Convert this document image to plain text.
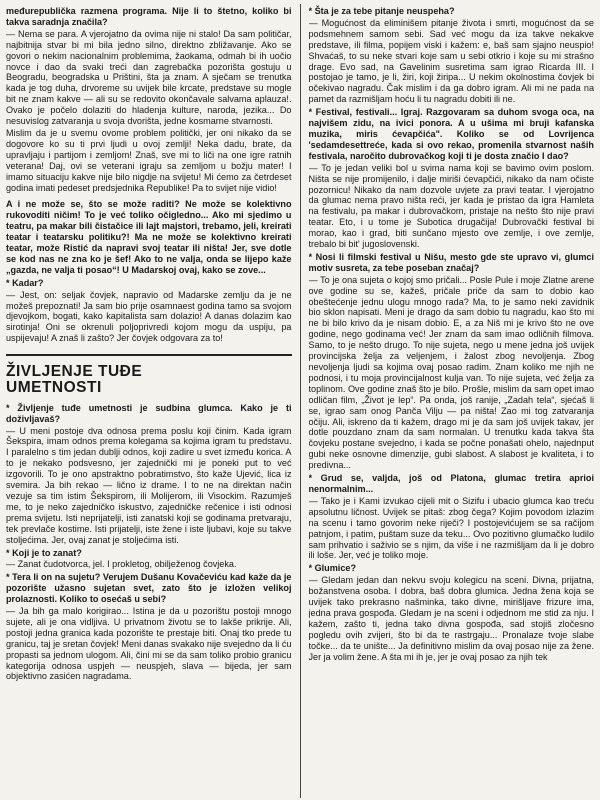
međurepublička razmena programa. Nije li to štetno, koliko bi takva saradnja značila?

— Nema se para. A vjerojatno da ovima nije ni stalo! Da sam političar, najbitnija stvar bi mi bila jedno silno, direktno zbližavanje. Ako se govori o nekim nacionalnim problemima, žaokama, odmah bi ih uočio novce i dao da svaki treći dan zagrebačka pozorišta gostuju u Beogradu, beogradska u Prištini, šta ja znam. A sječam se trenutka kada je tog duha, drvoreme su uvijek bile krcate, predstave su mogle bit ne znam kakve — ali su se redovito okončavale salvama aplauza!. Ovako je počelo dolaziti do hladenja kulture, naroda, jezika... Do nesuvislog zatvaranja u svoja dvorišta, jedne kosmarne stvarnosti.

Mislim da je u svemu ovome problem politički, jer oni nikako da se dogovore ko su ti prvi ljudi u ovoj zemlji! Neka dadu, brate, da upravljaju i partijom i zemljom! Znaš, sve mi to liči na one igre ratnih veterana! Daj, ovi se veterani igraju sa zemljom u božju mater! I imamo situaciju kakve nije bilo nigdje na svijetu! Mi ćemo za četrdeset godina imati pedeset predsjednika Republike! Pa to svijet nije vidio!

A i ne može se, što se može raditi? Ne može se kolektivno rukovoditi ničim! To je već toliko očigledno... Ako mi sjedimo u teatru, pa makar bili čistačice ili lajt majstori, trebamo, jeli, kreirati teatar i teatarsku politiku?! Ma ne može se kolektivno kreirati teatar, može Ristić da napravi svoj teatar ili ništa! Jer, sve dotle se kod nas ne zna ko je šef! Ako to ne valja, onda se lijepo kaže „gazda, ne valja ti posao“! U Madarskoj ovaj, kako se zove...

* Kadar?

— Jest, on: seljak čovjek, napravio od Madarske zemlju da je ne možeš prepoznati! Ja sam bio prije osamnaest godina tamo sa svojom djevojkom, bogati, kako kapitalista sam dolazio! A danas dolazim kao sirotinja! Oni se okrenuli poljoprivredi kojom mogu da uspiju, pa uspijevaju! A znaš li zašto? Jer čovjek odgovara za to!

ŽIVLJENJE TUĐE
UMETNOSTI

* Življenje tuđe umetnosti je sudbina glumca. Kako je ti doživljavaš?

— U meni postoje dva odnosa prema poslu koji činim. Kada igram Šekspira, imam odnos prema kolegama sa kojima igram tu predstavu. I paralelno s tim jedan dublji odnos, koji zadire u svet između korica. A to je nekako podsvesno, jer zajednički mi je poneki put to već izgovorili. To je ono apstraktno pobratimstvo, što kaže Ujević, lica iz svemira. Ja bih rekao — lično iz drame. I to ne na direktan način vezuje sa tim istim Šekspirom, ili Molijerom, ili Visockim. Razumješ me, to je neko zajedničko iskustvo, zajedničke rečenice i isti odnosi prema svijetu. Isti neprijatelji, isti zanatski koji se godinama pretvaraju, tek prevlače kostime. Isti prijatelji, iste žene i iste ljubavi, koje su takve stoljećima. Jer, ovaj zanat je stoljećima isti.

* Koji je to zanat?

— Zanat čudotvorca, jel. I prokletog, obilježenog čovjeka.

* Tera li on na sujetu? Verujem Dušanu Kovačeviću kad kaže da je pozorište užasno sujetan svet, zato što je izložen velikoj prolaznosti. Koliko to osećaš u sebi?

— Ja bih ga malo korigirao... Istina je da u pozorištu postoji mnogo sujete, ali je ona vidljiva. U privatnom životu se to lakše prikrije. Ali, postoji jedna granica kada pozorište te prestaje biti. Onaj tko prede tu granicu, taj je sretan čovjek! Meni danas svakako nije svejedno da li ću propasti sa jednom ulogom. Ali, čini mi se da sam toliko probio granicu kategorija odnosa uspjeh — neuspjeh, slava — bijeda, jer sam objektivno zasićen nagradama.

* Šta je za tebe pitanje neuspeha?

— Mogućnost da eliminišem pitanje života i smrti, mogućnost da se podsmehnem samom sebi. Sad već mogu da iza takve nekakve predstave, ili filma, popijem viski i kažem: e, baš sam sjajno neuspio! Shvaćaš, to su neke stvari koje sam u sebi otkrio i koje su mi strašno drage. Evo sad, na Gavelinim susretima sam igrao Ricarda III. I postojao je tamo, je li, žiri, koji žiriра... U nekim okolnostima čovjek bi očekivao nagradu. Čak mislim i da ga dobro igram. Ali mi ne pada na pamet da razmišljam hoću li tu nagradu dobiti ili ne.

* Festival, festivali... Igraj. Razgovaram sa duhom svoga oca, na najvišem zidu, na ivici ponora. A u ušima mi bruji kafanska muzika, miris ćevapčića". Koliko se od Lovrijenca 'sedamdesettreće, kada si ovo rekao, promenila stvarnost naših festivala, naročito dubrovačkog koji ti je dosta značio I dao?

— To je jedan veliki bol u svima nama koji se bavimo ovim poslom. Ništa se nije promijenilo, i dalje miriši ćevapčići, nikako da nam očiste pozornicu! Nikako da nam dozvole uvjete za pravi teatar. I vjerojatno da glumac nema pravo ništa reći, jer kada je pristao da igra Hamleta na festivalu, pa makar i dubrovačkom, pristaje na nešto što nije pravi teatar. Eto, i u tome je Subotica drugačija! Dubrovački festival bi morao, kao i grad, biti sunčano mjesto ove zemlje, i ove zemlje, trebalo bi bit' jugoslovenski.

* Nosi li filmski festival u Nišu, mesto gde ste upravo vi, glumci motiv susreta, za tebe poseban značaj?

— To je ona sujeta o kojoj smo pričali... Posle Pule i moje Zlatne arene ove godine su se, kažeš, pričale priče da sam to dobio kao obeštećenje jednu ulogu mnogo rada? Ma, to je samo neki zavidnik bio sklon napisati. Meni je drago da sam dobio tu nagradu, kao što mi ne bi bilo krivo da je nisam dobio. E, a za Niš mi je krivo što ne ove godine, nego godinama već! Jer znam da sam imao odličnih filmova. Samo, to je nešto drugo. To nije sujeta, nego u mene jedna još uvijek provincijska želja za veljenjem, i žalost zbog nevoljenja. Zbog nevoljenja ljudi sa kojima ovaj posao radim. Znam koliko me njih ne podnosi, i tu moja provincijalnost kulja van. To nije sujeta, već želja za toplinom. Ove godine znaš što je bilo. Prošle, mislim da sam opet imao odličan film, „Život je lep“. Pa onda, još ranije, „Zadah tela“, sjećaš li se, igrao sam onog Panča Vilju — pa ništa! Zao mi tog zatvaranja očiju. Ali, iskreno da ti kažem, drago mi je da sam još uvijek takav, jer dotle pouzdano znam da sam normalan. U trenutku kada takva šta čovjeku postane svejedno, i kada se počne ponašati ohelo, najednput gubi neke osnovne dimenzije, gubi slabost. A slabost je kvaliteta, i to predivna...

* Grud se, valjda, još od Platona, glumac tretira aprioi nenormalnim...

— Tako je i Kami izvukao cijeli mit o Sizifu i ubacio glumca kao treću apsolutnu ličnost. Uvijek se pitaš: zbog čega? Kojim povodom izlazim na scenu i tamo govorim neke riječi? I postojevićujem se sa račijom patnjom, i patim, puštam suze da teku... Ovo pozitivno glumačko ludilo sam prihvatio i saživio se s njim, da više i ne razmišljam da li je dobro ili loše. Jer, već je toliko moje.

* Glumice?

— Gledam jedan dan nekvu svoju kolegicu na sceni. Divna, prijatna, božanstvena osoba. I dobra, baš dobra glumica. Jedna žena koja se uvijek tako prekrasno našminka, tako divne, mirišljave frizure ima, jedna prava gospođa. Gledam je na sceni i odjednom me stid za nju. I kažem, zašto ti, jedna tako divna gospođa, sad stojiš zločesno pogledu ovih zvijeri, što bi da te rastrgaju... Pronalaze tvoje slabe točke... da te unište... Ja definitivno mislim da ovaj posao nije za žene. Jer ja volim žene. A šta mi ih je, jer je ovaj posao za njih tek
